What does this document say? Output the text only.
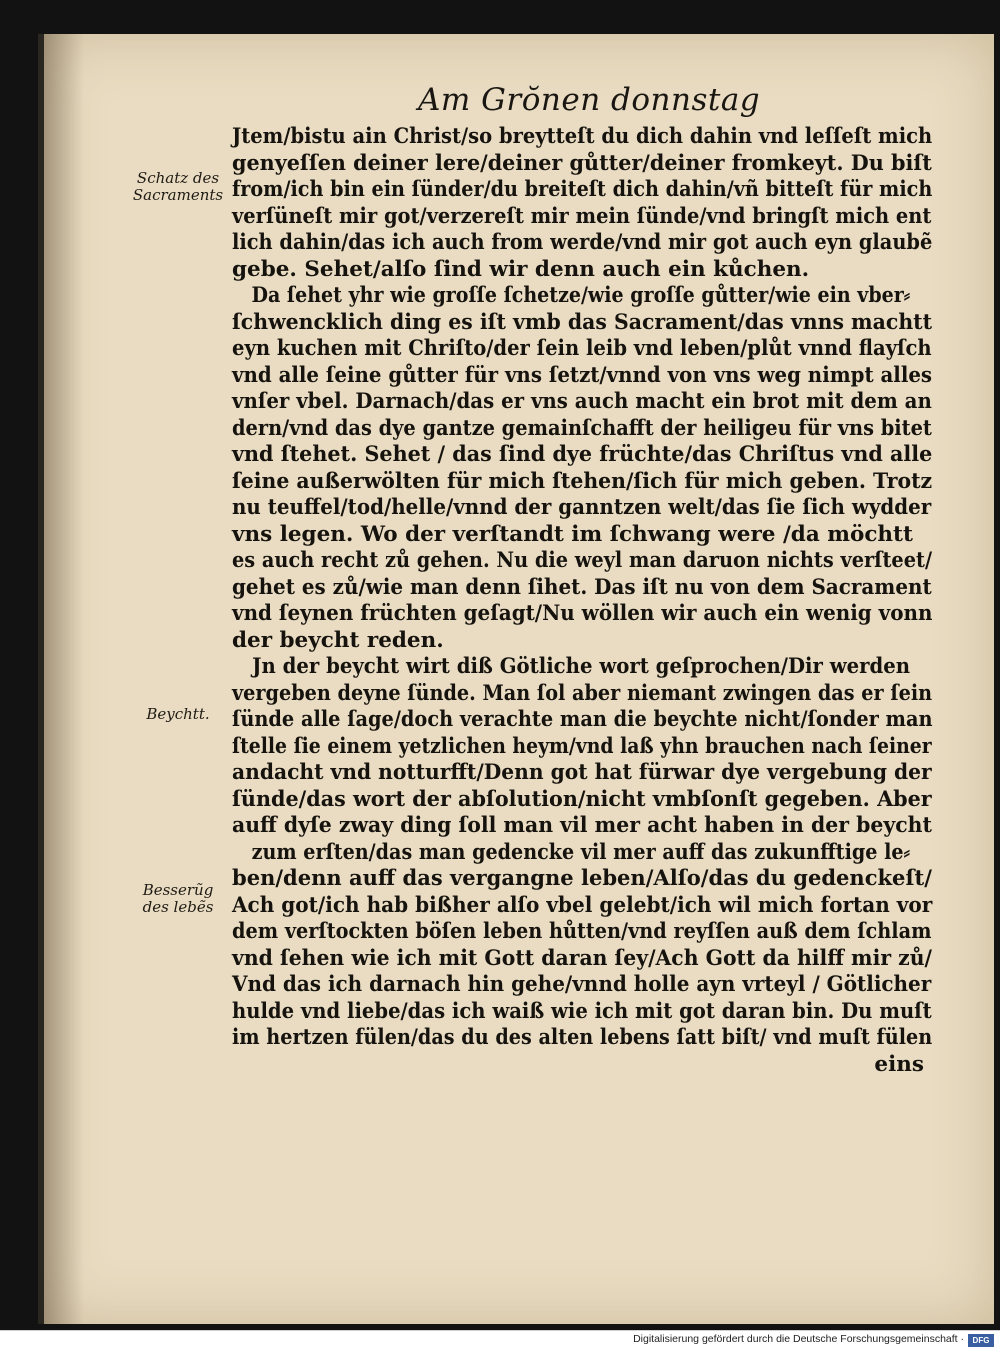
Am Grŏnen donnstag
Schatz des Sacraments
Beychtt.
Besserũg des lebẽs
Jtem/bistu ain Christ/so breytteſt du dich dahin vnd leſſeſt mich
genyeſſen deiner lere/deiner gůtter/deiner fromkeyt. Du biſt
from/ich bin ein ſünder/du breiteſt dich dahin/vñ bitteſt für mich
verſüneſt mir got/verzereſt mir mein ſünde/vnd bringſt mich ent
lich dahin/das ich auch from werde/vnd mir got auch eyn glaubẽ
gebe. Sehet/alſo ſind wir denn auch ein kůchen.
Da ſehet yhr wie groſſe ſchetze/wie groſſe gůtter/wie ein vber⸗
ſchwencklich ding es iſt vmb das Sacrament/das vnns machtt
eyn kuchen mit Chriſto/der ſein leib vnd leben/plůt vnnd flayſch
vnd alle ſeine gůtter für vns ſetzt/vnnd von vns weg nimpt alles
vnſer vbel. Darnach/das er vns auch macht ein brot mit dem an
dern/vnd das dye gantze gemainſchafft der heiligeu für vns bitet
vnd ſtehet. Sehet / das ſind dye früchte/das Chriſtus vnd alle
ſeine außerwölten für mich ſtehen/ſich für mich geben. Trotz
nu teuffel/tod/helle/vnnd der ganntzen welt/das ſie ſich wydder
vns legen. Wo der verſtandt im ſchwang were /da möchtt
es auch recht zů gehen. Nu die weyl man daruon nichts verſteet/
gehet es zů/wie man denn ſihet. Das iſt nu von dem Sacrament
vnd ſeynen früchten geſagt/Nu wöllen wir auch ein wenig vonn
der beycht reden.
Jn der beycht wirt diß Götliche wort geſprochen/Dir werden
vergeben deyne ſünde. Man ſol aber niemant zwingen das er ſein
ſünde alle ſage/doch verachte man die beychte nicht/ſonder man
ſtelle ſie einem yetzlichen heym/vnd laß yhn brauchen nach ſeiner
andacht vnd notturfft/Denn got hat fürwar dye vergebung der
ſünde/das wort der abſolution/nicht vmbſonſt gegeben. Aber
auff dyſe zway ding ſoll man vil mer acht haben in der beycht
zum erſten/das man gedencke vil mer auff das zukunfftige le⸗
ben/denn auff das vergangne leben/Alſo/das du gedenckeſt/
Ach got/ich hab bißher alſo vbel gelebt/ich wil mich fortan vor
dem verſtockten böſen leben hůtten/vnd reyſſen auß dem ſchlam
vnd ſehen wie ich mit Gott daran ſey/Ach Gott da hilff mir zů/
Vnd das ich darnach hin gehe/vnnd holle ayn vrteyl / Götlicher
hulde vnd liebe/das ich waiß wie ich mit got daran bin. Du muſt
im hertzen fülen/das du des alten lebens ſatt biſt/ vnd muſt fülen
eins
Digitalisierung gefördert durch die Deutsche Forschungsgemeinschaft ·	DFG
